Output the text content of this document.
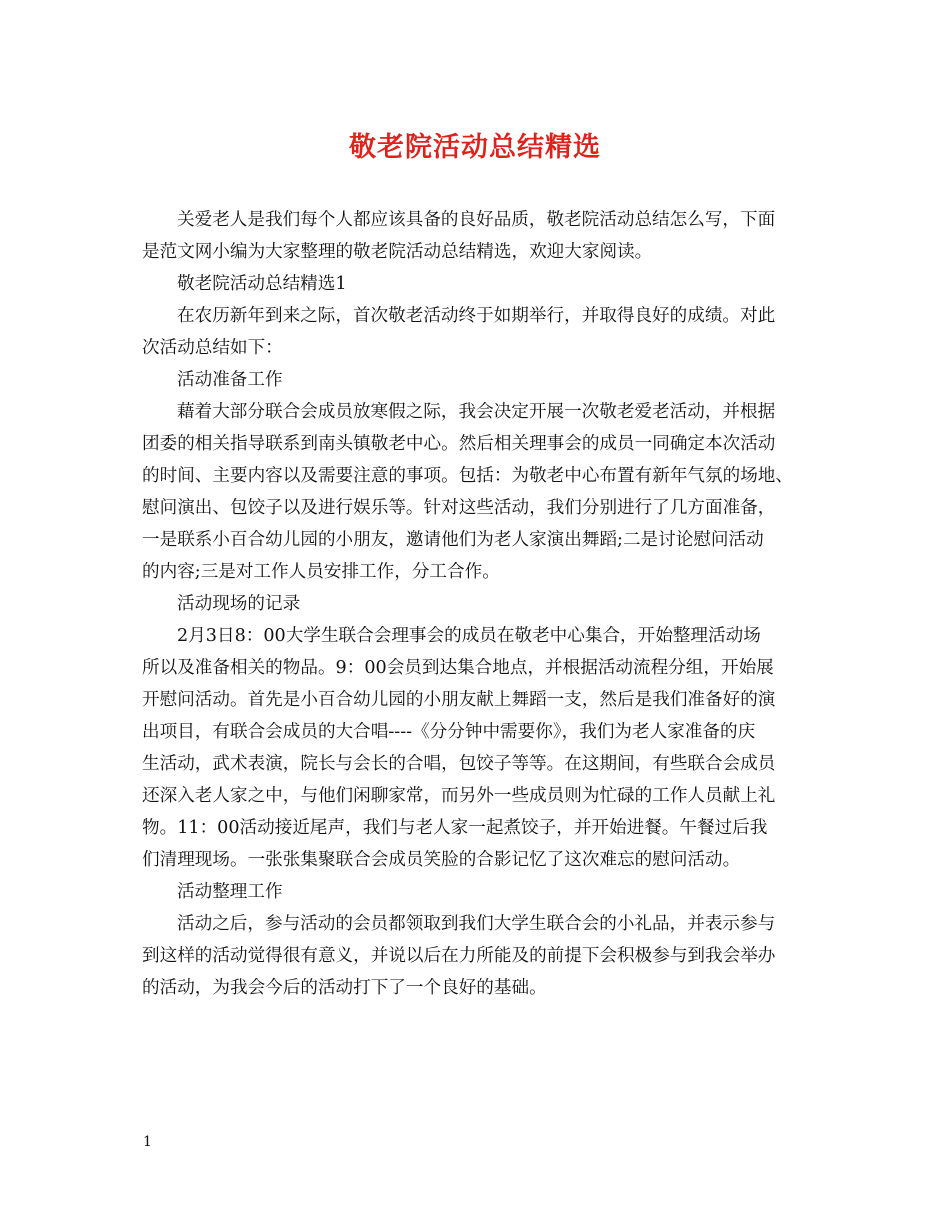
敬老院活动总结精选
关爱老人是我们每个人都应该具备的良好品质，敬老院活动总结怎么写，下面
是范文网小编为大家整理的敬老院活动总结精选，欢迎大家阅读。
敬老院活动总结精选1
在农历新年到来之际，首次敬老活动终于如期举行，并取得良好的成绩。对此
次活动总结如下：
活动准备工作
藉着大部分联合会成员放寒假之际，我会决定开展一次敬老爱老活动，并根据
团委的相关指导联系到南头镇敬老中心。然后相关理事会的成员一同确定本次活动
的时间、主要内容以及需要注意的事项。包括：为敬老中心布置有新年气氛的场地、
慰问演出、包饺子以及进行娱乐等。针对这些活动，我们分别进行了几方面准备，
一是联系小百合幼儿园的小朋友，邀请他们为老人家演出舞蹈;二是讨论慰问活动
的内容;三是对工作人员安排工作，分工合作。
活动现场的记录
2月3日8：00大学生联合会理事会的成员在敬老中心集合，开始整理活动场
所以及准备相关的物品。9：00会员到达集合地点，并根据活动流程分组，开始展
开慰问活动。首先是小百合幼儿园的小朋友献上舞蹈一支，然后是我们准备好的演
出项目，有联合会成员的大合唱----《分分钟中需要你》，我们为老人家准备的庆
生活动，武术表演，院长与会长的合唱，包饺子等等。在这期间，有些联合会成员
还深入老人家之中，与他们闲聊家常，而另外一些成员则为忙碌的工作人员献上礼
物。11：00活动接近尾声，我们与老人家一起煮饺子，并开始进餐。午餐过后我
们清理现场。一张张集聚联合会成员笑脸的合影记忆了这次难忘的慰问活动。
活动整理工作
活动之后，参与活动的会员都领取到我们大学生联合会的小礼品，并表示参与
到这样的活动觉得很有意义，并说以后在力所能及的前提下会积极参与到我会举办
的活动，为我会今后的活动打下了一个良好的基础。
1
